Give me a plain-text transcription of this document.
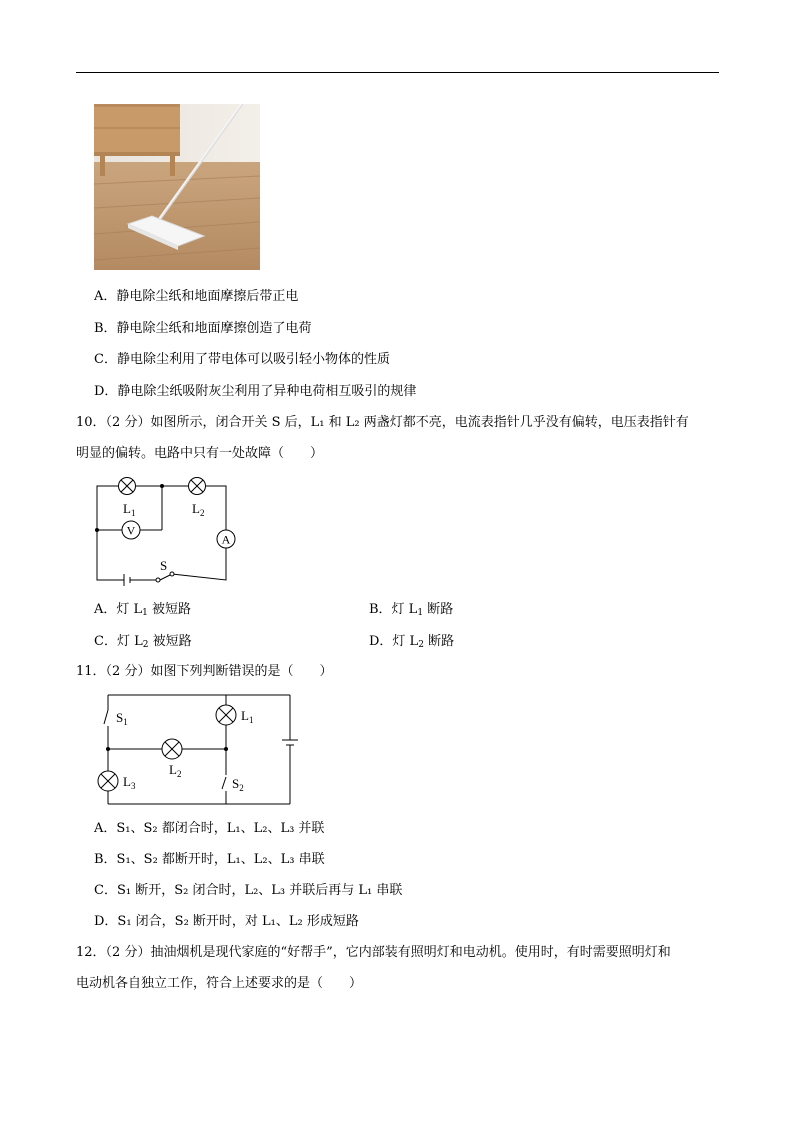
A．静电除尘纸和地面摩擦后带正电
B．静电除尘纸和地面摩擦创造了电荷
C．静电除尘利用了带电体可以吸引轻小物体的性质
D．静电除尘纸吸附灰尘利用了异种电荷相互吸引的规律
10．（2 分）如图所示，闭合开关 S 后，L₁ 和 L₂ 两盏灯都不亮，电流表指针几乎没有偏转，电压表指针有
明显的偏转。电路中只有一处故障（　　）
V
A
$L_1$	$L_2$
S
A．灯 $L_1$ 被短路	B．灯 $L_1$ 断路
C．灯 $L_2$ 被短路	D．灯 $L_2$ 断路
11．（2 分）如图下列判断错误的是（　　）
$S_1$	$L_1$
$L_2$
$L_3$	$S_2$
A．S₁、S₂ 都闭合时，L₁、L₂、L₃ 并联
B．S₁、S₂ 都断开时，L₁、L₂、L₃ 串联
C．S₁ 断开，S₂ 闭合时，L₂、L₃ 并联后再与 L₁ 串联
D．S₁ 闭合，S₂ 断开时，对 L₁、L₂ 形成短路
12．（2 分）抽油烟机是现代家庭的“好帮手”，它内部装有照明灯和电动机。使用时，有时需要照明灯和
电动机各自独立工作，符合上述要求的是（　　）
